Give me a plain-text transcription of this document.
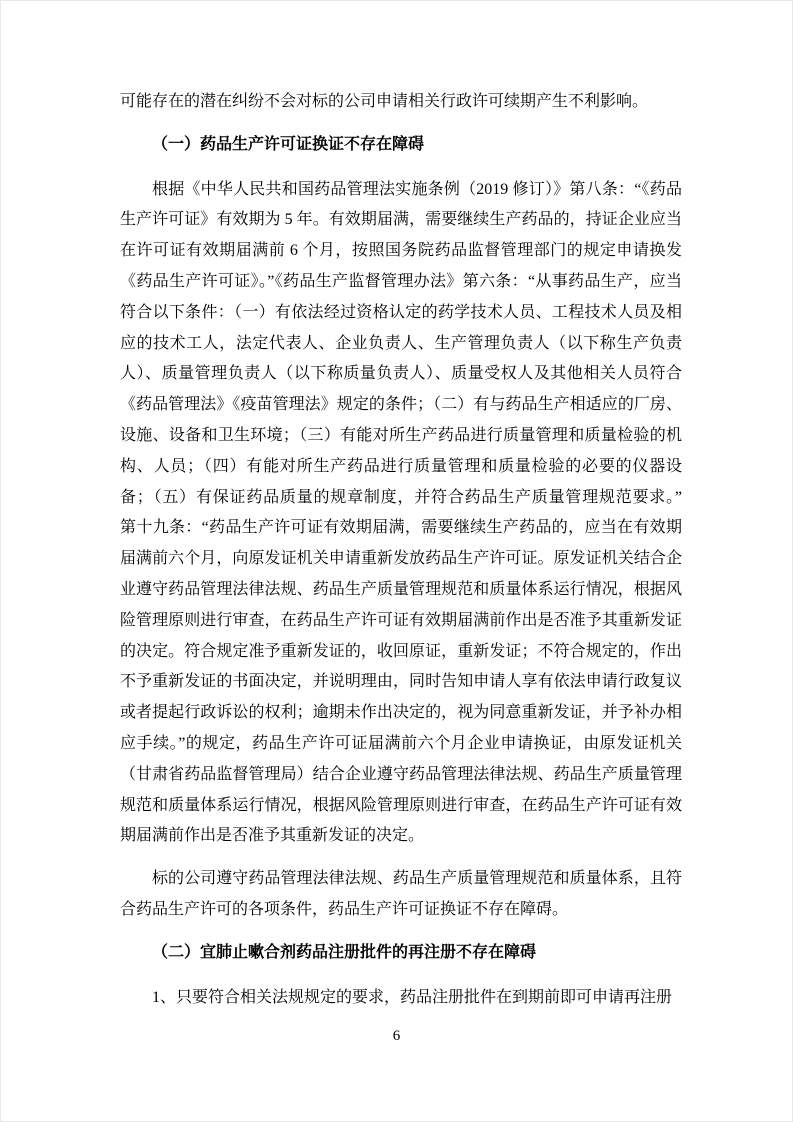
可能存在的潜在纠纷不会对标的公司申请相关行政许可续期产生不利影响。

（一）药品生产许可证换证不存在障碍

根据《中华人民共和国药品管理法实施条例（2019 修订）》第八条：“《药品生产许可证》有效期为 5 年。有效期届满，需要继续生产药品的，持证企业应当在许可证有效期届满前 6 个月，按照国务院药品监督管理部门的规定申请换发《药品生产许可证》。”《药品生产监督管理办法》第六条：“从事药品生产，应当符合以下条件：（一）有依法经过资格认定的药学技术人员、工程技术人员及相应的技术工人，法定代表人、企业负责人、生产管理负责人（以下称生产负责人）、质量管理负责人（以下称质量负责人）、质量受权人及其他相关人员符合《药品管理法》《疫苗管理法》规定的条件；（二）有与药品生产相适应的厂房、设施、设备和卫生环境；（三）有能对所生产药品进行质量管理和质量检验的机构、人员；（四）有能对所生产药品进行质量管理和质量检验的必要的仪器设备；（五）有保证药品质量的规章制度，并符合药品生产质量管理规范要求。”　第十九条：“药品生产许可证有效期届满，需要继续生产药品的，应当在有效期届满前六个月，向原发证机关申请重新发放药品生产许可证。原发证机关结合企业遵守药品管理法律法规、药品生产质量管理规范和质量体系运行情况，根据风险管理原则进行审查，在药品生产许可证有效期届满前作出是否准予其重新发证的决定。符合规定准予重新发证的，收回原证，重新发证；不符合规定的，作出不予重新发证的书面决定，并说明理由，同时告知申请人享有依法申请行政复议或者提起行政诉讼的权利；逾期未作出决定的，视为同意重新发证，并予补办相应手续。”的规定，药品生产许可证届满前六个月企业申请换证，由原发证机关（甘肃省药品监督管理局）结合企业遵守药品管理法律法规、药品生产质量管理规范和质量体系运行情况，根据风险管理原则进行审查，在药品生产许可证有效期届满前作出是否准予其重新发证的决定。

标的公司遵守药品管理法律法规、药品生产质量管理规范和质量体系，且符合药品生产许可的各项条件，药品生产许可证换证不存在障碍。

（二）宜肺止嗽合剂药品注册批件的再注册不存在障碍

1、只要符合相关法规规定的要求，药品注册批件在到期前即可申请再注册

6
